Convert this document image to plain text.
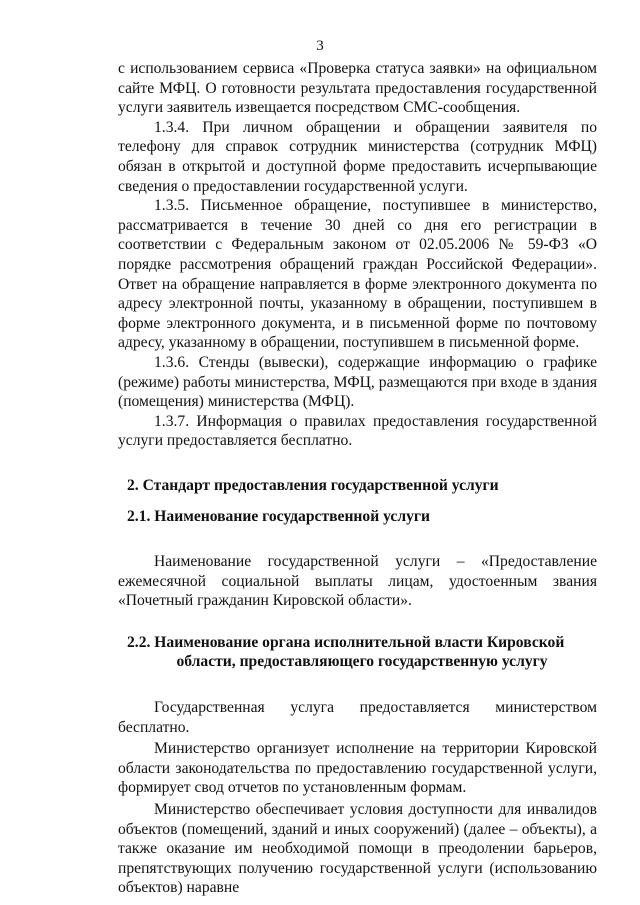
3

с использованием сервиса «Проверка статуса заявки» на официальном сайте МФЦ. О готовности результата предоставления государственной услуги заявитель извещается посредством СМС-сообщения.

1.3.4. При личном обращении и обращении заявителя по телефону для справок сотрудник министерства (сотрудник МФЦ) обязан в открытой и доступной форме предоставить исчерпывающие сведения о предоставлении государственной услуги.

1.3.5. Письменное обращение, поступившее в министерство, рассматривается в течение 30 дней со дня его регистрации в соответствии с Федеральным законом от 02.05.2006 № 59-ФЗ «О порядке рассмотрения обращений граждан Российской Федерации». Ответ на обращение направляется в форме электронного документа по адресу электронной почты, указанному в обращении, поступившем в форме электронного документа, и в письменной форме по почтовому адресу, указанному в обращении, поступившем в письменной форме.

1.3.6. Стенды (вывески), содержащие информацию о графике (режиме) работы министерства, МФЦ, размещаются при входе в здания (помещения) министерства (МФЦ).

1.3.7. Информация о правилах предоставления государственной услуги предоставляется бесплатно.

2. Стандарт предоставления государственной услуги

2.1. Наименование государственной услуги

Наименование государственной услуги – «Предоставление ежемесячной социальной выплаты лицам, удостоенным звания «Почетный гражданин Кировской области».

2.2. Наименование органа исполнительной власти Кировской
области, предоставляющего государственную услугу

Государственная услуга предоставляется министерством бесплатно.

Министерство организует исполнение на территории Кировской области законодательства по предоставлению государственной услуги, формирует свод отчетов по установленным формам.

Министерство обеспечивает условия доступности для инвалидов объектов (помещений, зданий и иных сооружений) (далее – объекты), а также оказание им необходимой помощи в преодолении барьеров, препятствующих получению государственной услуги (использованию объектов) наравне
